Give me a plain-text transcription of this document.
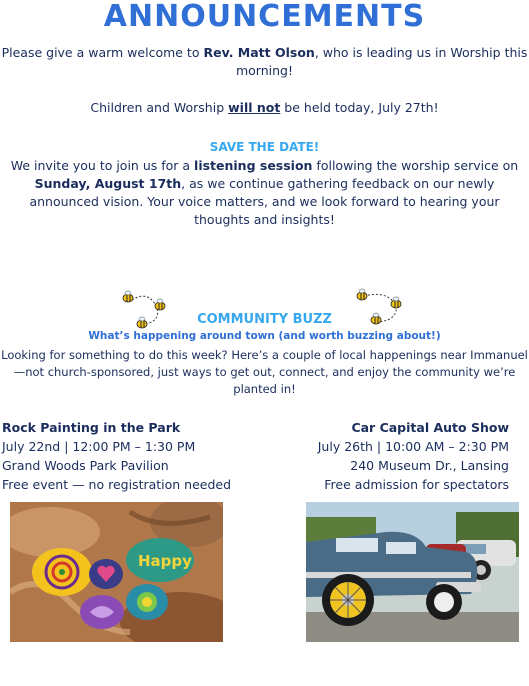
ANNOUNCEMENTS
Please give a warm welcome to Rev. Matt Olson, who is leading us in Worship this morning!
Children and Worship will not be held today, July 27th!
SAVE THE DATE!
We invite you to join us for a listening session following the worship service on Sunday, August 17th, as we continue gathering feedback on our newly announced vision. Your voice matters, and we look forward to hearing your thoughts and insights!
COMMUNITY BUZZ
What’s happening around town (and worth buzzing about!)
Looking for something to do this week? Here’s a couple of local happenings near Immanuel—not church-sponsored, just ways to get out, connect, and enjoy the community we’re planted in!
Rock Painting in the Park
July 22nd | 12:00 PM – 1:30 PM
Grand Woods Park Pavilion
Free event — no registration needed
Car Capital Auto Show
July 26th | 10:00 AM – 2:30 PM
240 Museum Dr., Lansing
Free admission for spectators
Happy
